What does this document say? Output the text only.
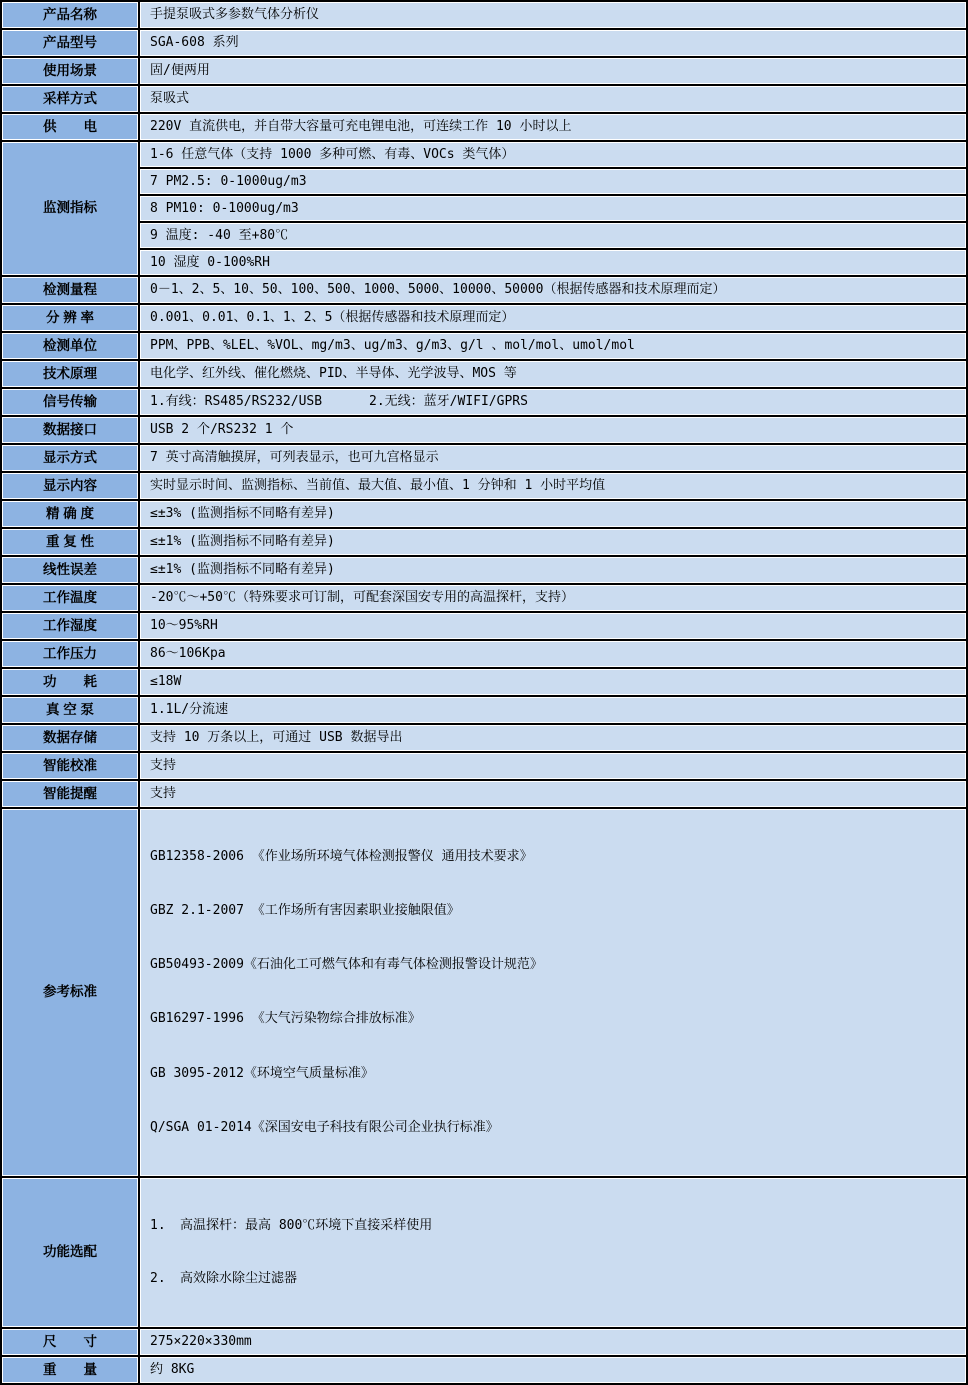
产品名称	手提泵吸式多参数气体分析仪
产品型号	SGA-608 系列
使用场景	固/便两用
采样方式	泵吸式
供　　电	220V 直流供电，并自带大容量可充电锂电池，可连续工作 10 小时以上
监测指标	1-6 任意气体（支持 1000 多种可燃、有毒、VOCs 类气体）
	7 PM2.5: 0-1000ug/m3
	8 PM10: 0-1000ug/m3
	9 温度: -40 至+80℃
	10 湿度 0-100%RH
检测量程	0－1、2、5、10、50、100、500、1000、5000、10000、50000（根据传感器和技术原理而定）
分 辨 率	0.001、0.01、0.1、1、2、5（根据传感器和技术原理而定）
检测单位	PPM、PPB、%LEL、%VOL、mg/m3、ug/m3、g/m3、g/l 、mol/mol、umol/mol
技术原理	电化学、红外线、催化燃烧、PID、半导体、光学波导、MOS 等
信号传输	1.有线：RS485/RS232/USB      2.无线：蓝牙/WIFI/GPRS
数据接口	USB 2 个/RS232 1 个
显示方式	7 英寸高清触摸屏，可列表显示，也可九宫格显示
显示内容	实时显示时间、监测指标、当前值、最大值、最小值、1 分钟和 1 小时平均值
精 确 度	≤±3% (监测指标不同略有差异)
重 复 性	≤±1% (监测指标不同略有差异)
线性误差	≤±1% (监测指标不同略有差异)
工作温度	-20℃～+50℃（特殊要求可订制，可配套深国安专用的高温探杆，支持）
工作湿度	10～95%RH
工作压力	86～106Kpa
功　　耗	≤18W
真 空 泵	1.1L/分流速
数据存储	支持 10 万条以上，可通过 USB 数据导出
智能校准	支持
智能提醒	支持
参考标准	

GB12358-2006 《作业场所环境气体检测报警仪 通用技术要求》

GBZ 2.1-2007 《工作场所有害因素职业接触限值》

GB50493-2009《石油化工可燃气体和有毒气体检测报警设计规范》

GB16297-1996 《大气污染物综合排放标准》

GB 3095-2012《环境空气质量标准》

Q/SGA 01-2014《深国安电子科技有限公司企业执行标准》

功能选配	1. 高温探杆：最高 800℃环境下直接采样使用

2. 高效除水除尘过滤器

尺　　寸	275×220×330mm
重　　量	约 8KG
